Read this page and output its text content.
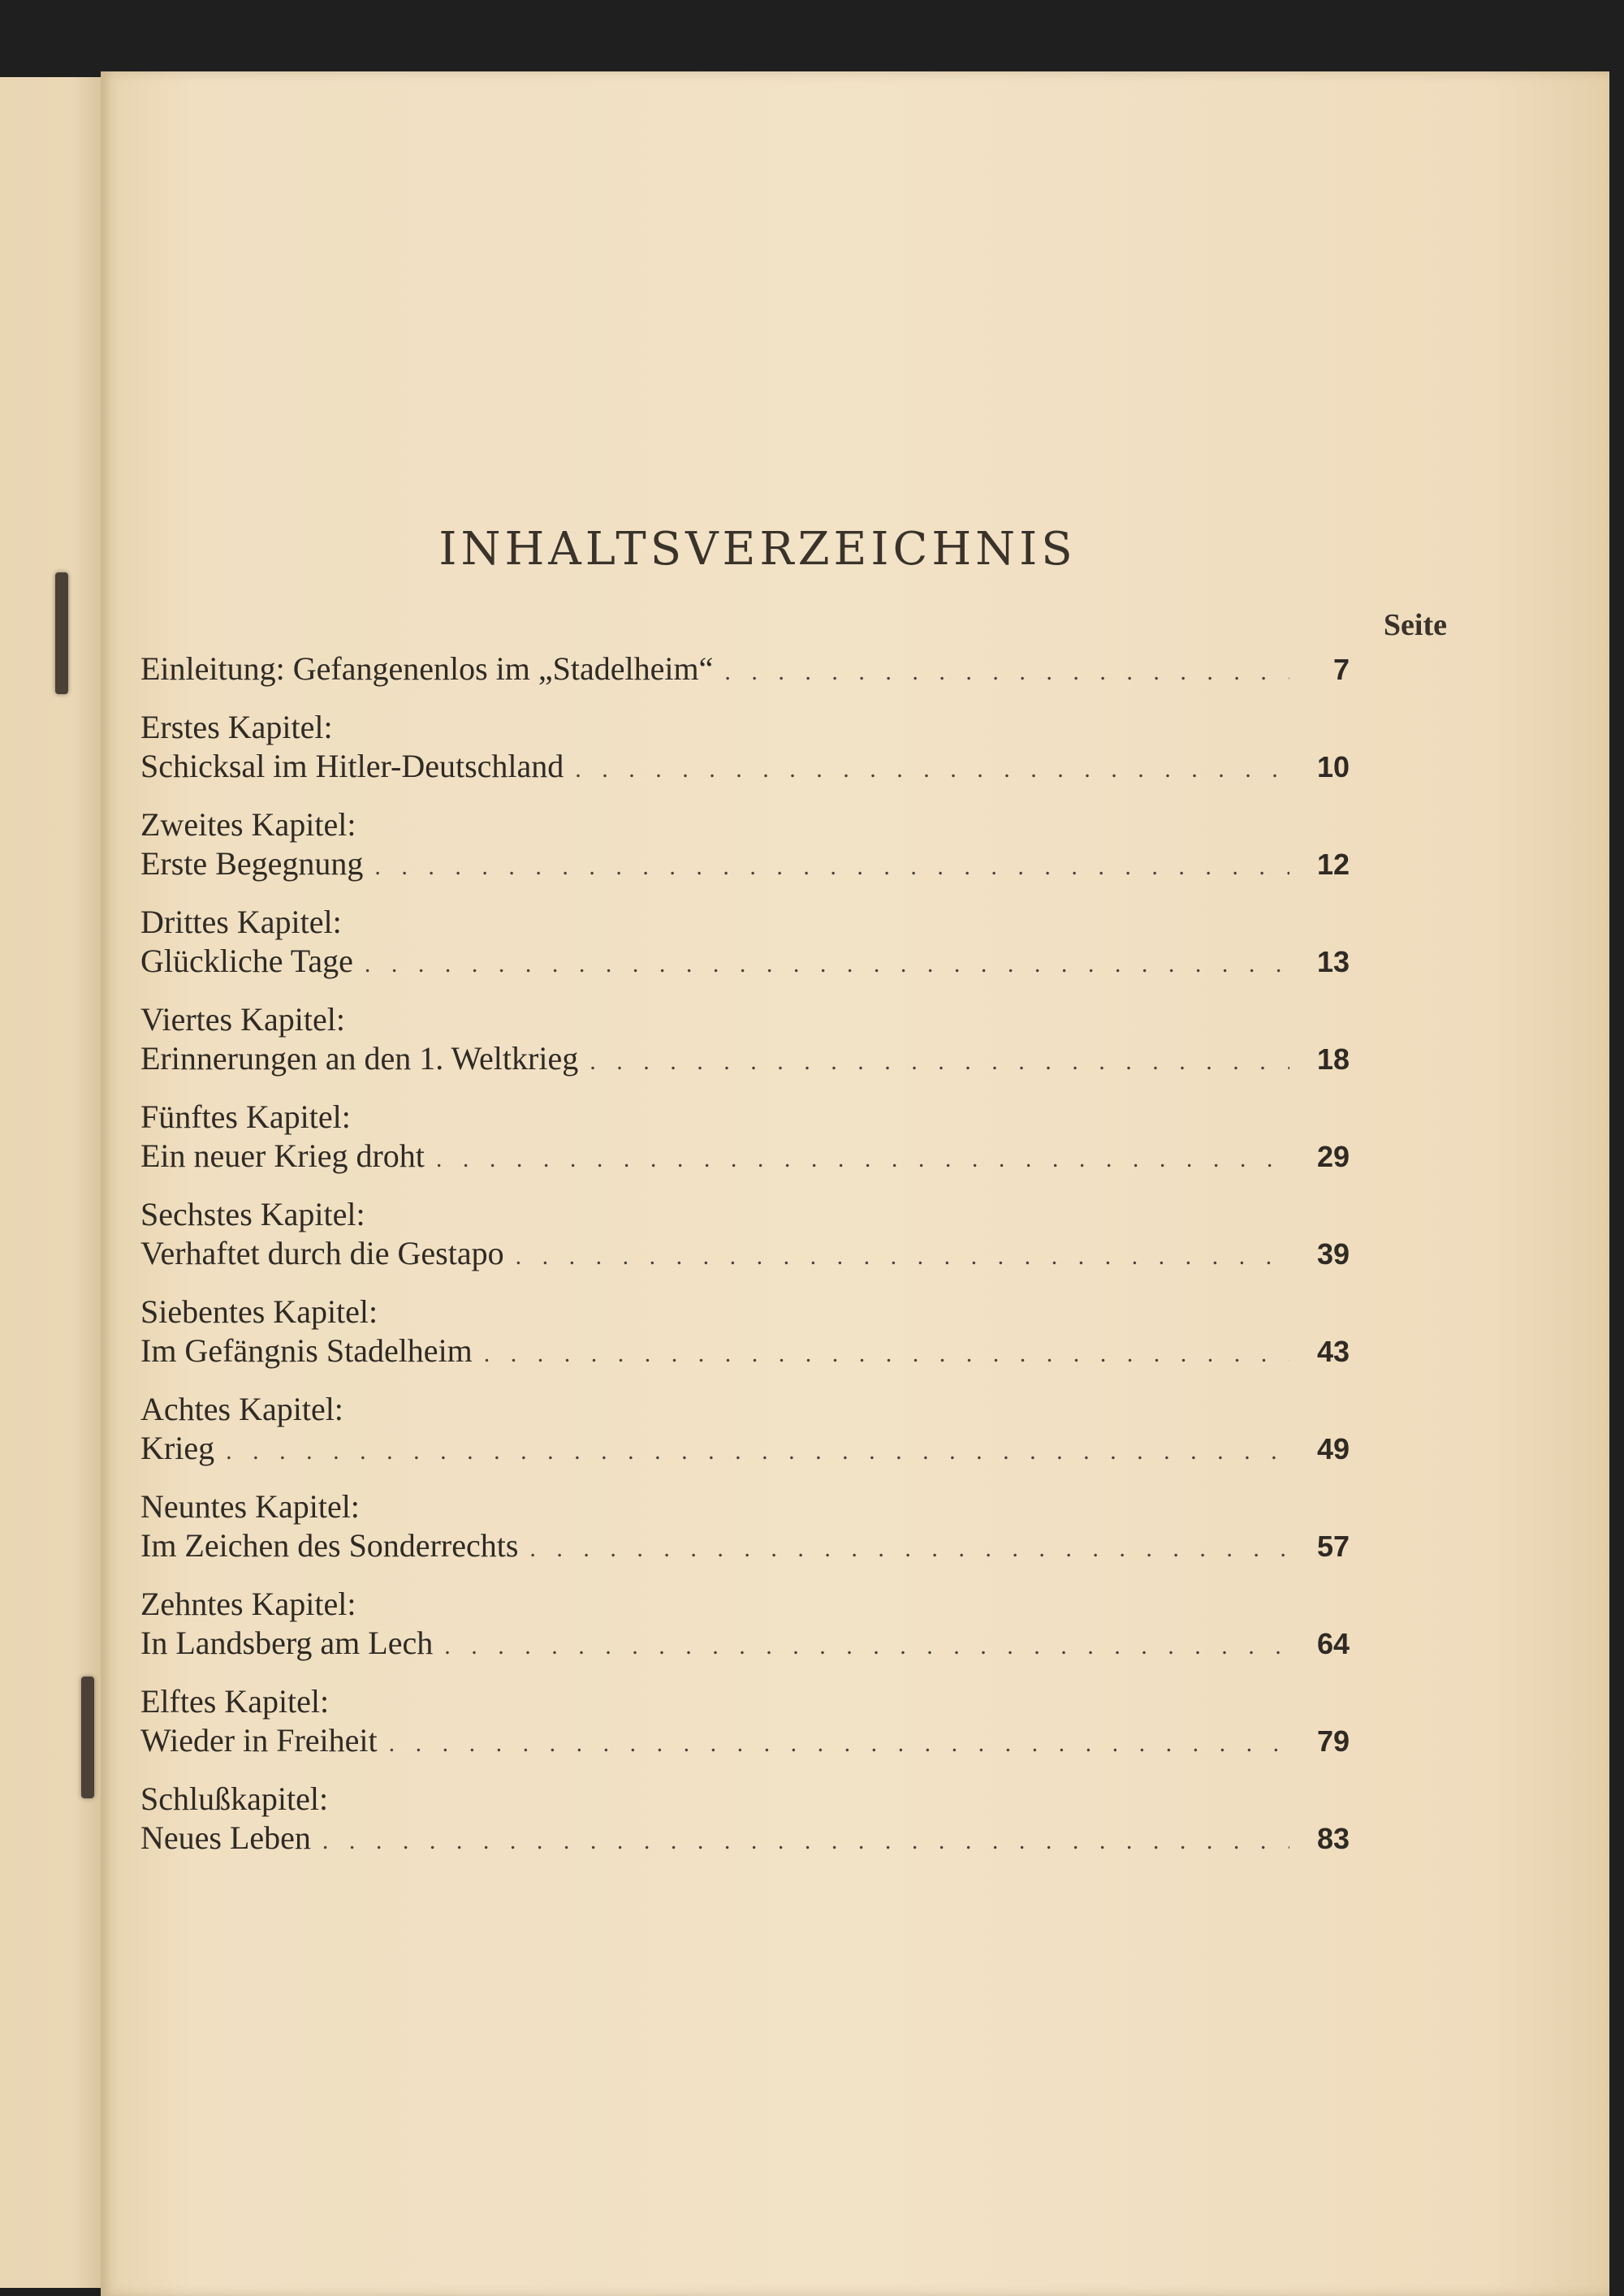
INHALTSVERZEICHNIS
Seite
Einleitung: Gefangenenlos im „Stadelheim“ . . .	7
Erstes Kapitel:
Schicksal im Hitler-Deutschland . . .	10
Zweites Kapitel:
Erste Begegnung . . .	12
Drittes Kapitel:
Glückliche Tage . . .	13
Viertes Kapitel:
Erinnerungen an den 1. Weltkrieg . . .	18
Fünftes Kapitel:
Ein neuer Krieg droht . . .	29
Sechstes Kapitel:
Verhaftet durch die Gestapo . . .	39
Siebentes Kapitel:
Im Gefängnis Stadelheim . . .	43
Achtes Kapitel:
Krieg . . .	49
Neuntes Kapitel:
Im Zeichen des Sonderrechts . . .	57
Zehntes Kapitel:
In Landsberg am Lech . . .	64
Elftes Kapitel:
Wieder in Freiheit . . .	79
Schlußkapitel:
Neues Leben . . .	83
